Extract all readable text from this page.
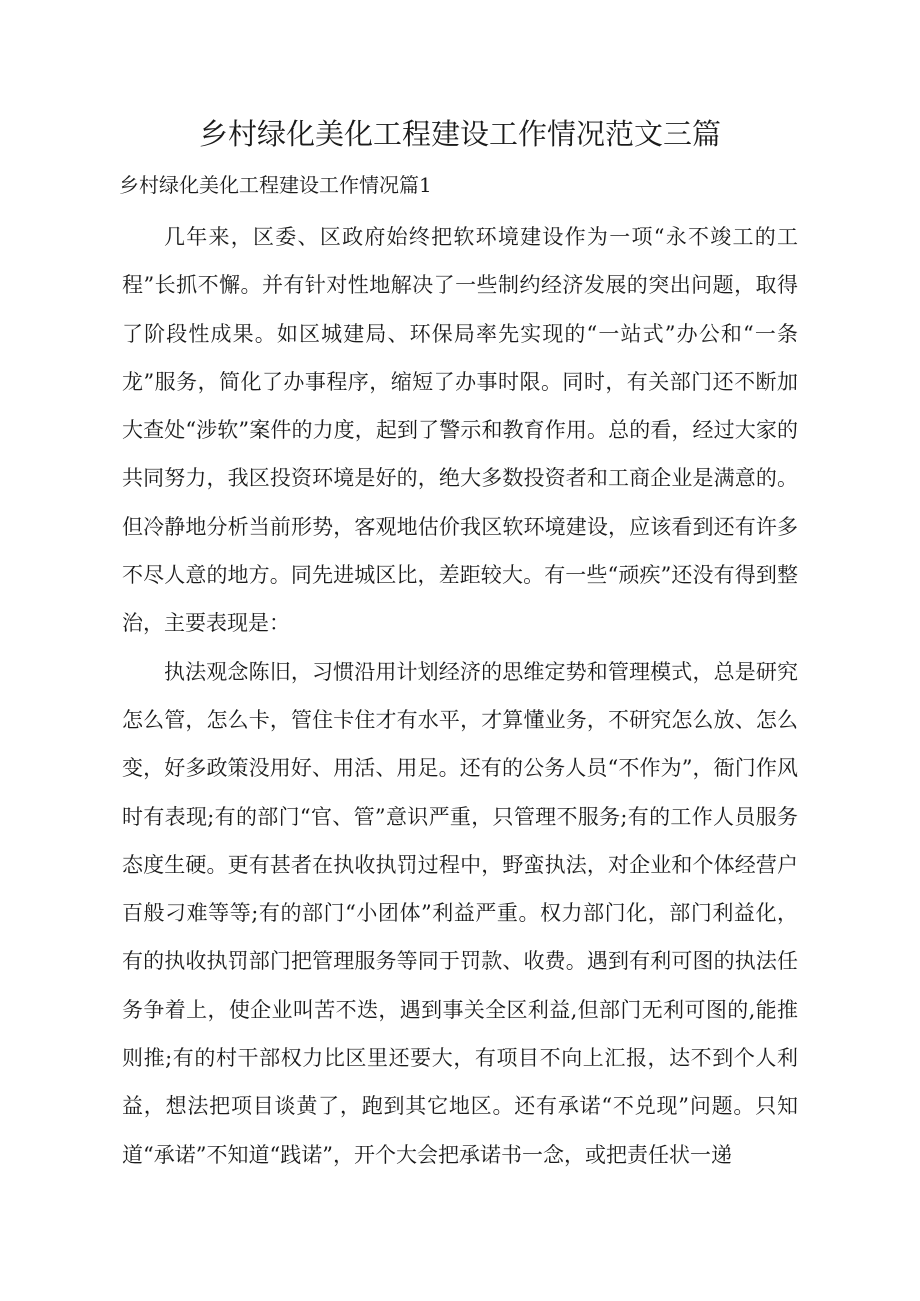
乡村绿化美化工程建设工作情况范文三篇
乡村绿化美化工程建设工作情况篇1

几年来，区委、区政府始终把软环境建设作为一项“永不竣工的工程”长抓不懈。并有针对性地解决了一些制约经济发展的突出问题，取得了阶段性成果。如区城建局、环保局率先实现的“一站式”办公和“一条龙”服务，简化了办事程序，缩短了办事时限。同时，有关部门还不断加大查处“涉软”案件的力度，起到了警示和教育作用。总的看，经过大家的共同努力，我区投资环境是好的，绝大多数投资者和工商企业是满意的。但冷静地分析当前形势，客观地估价我区软环境建设，应该看到还有许多不尽人意的地方。同先进城区比，差距较大。有一些“顽疾”还没有得到整治，主要表现是：

执法观念陈旧，习惯沿用计划经济的思维定势和管理模式，总是研究怎么管，怎么卡，管住卡住才有水平，才算懂业务，不研究怎么放、怎么变，好多政策没用好、用活、用足。还有的公务人员“不作为”，衙门作风时有表现;有的部门“官、管”意识严重，只管理不服务;有的工作人员服务态度生硬。更有甚者在执收执罚过程中，野蛮执法，对企业和个体经营户百般刁难等等;有的部门“小团体”利益严重。权力部门化，部门利益化，有的执收执罚部门把管理服务等同于罚款、收费。遇到有利可图的执法任务争着上，使企业叫苦不迭，遇到事关全区利益,但部门无利可图的,能推则推;有的村干部权力比区里还要大，有项目不向上汇报，达不到个人利益，想法把项目谈黄了，跑到其它地区。还有承诺“不兑现”问题。只知道“承诺”不知道“践诺”，开个大会把承诺书一念，或把责任状一递
